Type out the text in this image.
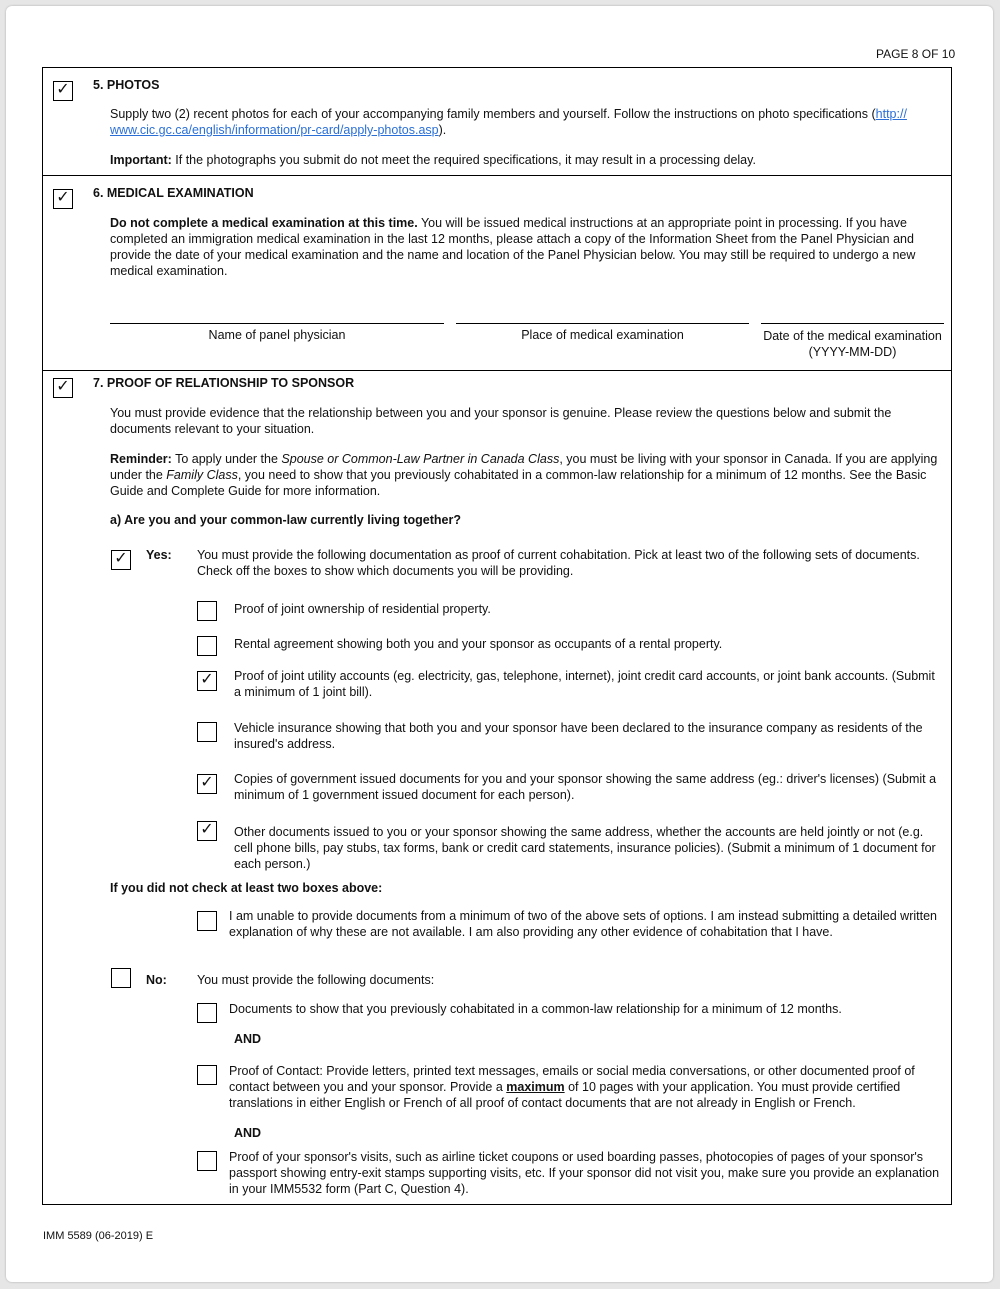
PAGE 8 OF 10
✓ 5. PHOTOS
Supply two (2) recent photos for each of your accompanying family members and yourself. Follow the instructions on photo specifications (http://
www.cic.gc.ca/english/information/pr-card/apply-photos.asp).
Important: If the photographs you submit do not meet the required specifications, it may result in a processing delay.
✓ 6. MEDICAL EXAMINATION
Do not complete a medical examination at this time. You will be issued medical instructions at an appropriate point in processing. If you have completed an immigration medical examination in the last 12 months, please attach a copy of the Information Sheet from the Panel Physician and provide the date of your medical examination and the name and location of the Panel Physician below. You may still be required to undergo a new medical examination.
Name of panel physician	Place of medical examination	Date of the medical examination
(YYYY-MM-DD)
✓ 7. PROOF OF RELATIONSHIP TO SPONSOR
You must provide evidence that the relationship between you and your sponsor is genuine. Please review the questions below and submit the documents relevant to your situation.
Reminder: To apply under the Spouse or Common-Law Partner in Canada Class, you must be living with your sponsor in Canada. If you are applying under the Family Class, you need to show that you previously cohabitated in a common-law relationship for a minimum of 12 months. See the Basic Guide and Complete Guide for more information.
a) Are you and your common-law currently living together?
✓ Yes: You must provide the following documentation as proof of current cohabitation. Pick at least two of the following sets of documents. Check off the boxes to show which documents you will be providing.
Proof of joint ownership of residential property.
Rental agreement showing both you and your sponsor as occupants of a rental property.
✓ Proof of joint utility accounts (eg. electricity, gas, telephone, internet), joint credit card accounts, or joint bank accounts. (Submit a minimum of 1 joint bill).
Vehicle insurance showing that both you and your sponsor have been declared to the insurance company as residents of the insured's address.
✓ Copies of government issued documents for you and your sponsor showing the same address (eg.: driver's licenses) (Submit a minimum of 1 government issued document for each person).
✓ Other documents issued to you or your sponsor showing the same address, whether the accounts are held jointly or not (e.g. cell phone bills, pay stubs, tax forms, bank or credit card statements, insurance policies). (Submit a minimum of 1 document for each person.)
If you did not check at least two boxes above:
I am unable to provide documents from a minimum of two of the above sets of options. I am instead submitting a detailed written explanation of why these are not available. I am also providing any other evidence of cohabitation that I have.
No: You must provide the following documents:
Documents to show that you previously cohabitated in a common-law relationship for a minimum of 12 months.
AND
Proof of Contact: Provide letters, printed text messages, emails or social media conversations, or other documented proof of contact between you and your sponsor. Provide a maximum of 10 pages with your application. You must provide certified translations in either English or French of all proof of contact documents that are not already in English or French.
AND
Proof of your sponsor's visits, such as airline ticket coupons or used boarding passes, photocopies of pages of your sponsor's passport showing entry-exit stamps supporting visits, etc. If your sponsor did not visit you, make sure you provide an explanation in your IMM5532 form (Part C, Question 4).
IMM 5589 (06-2019) E
